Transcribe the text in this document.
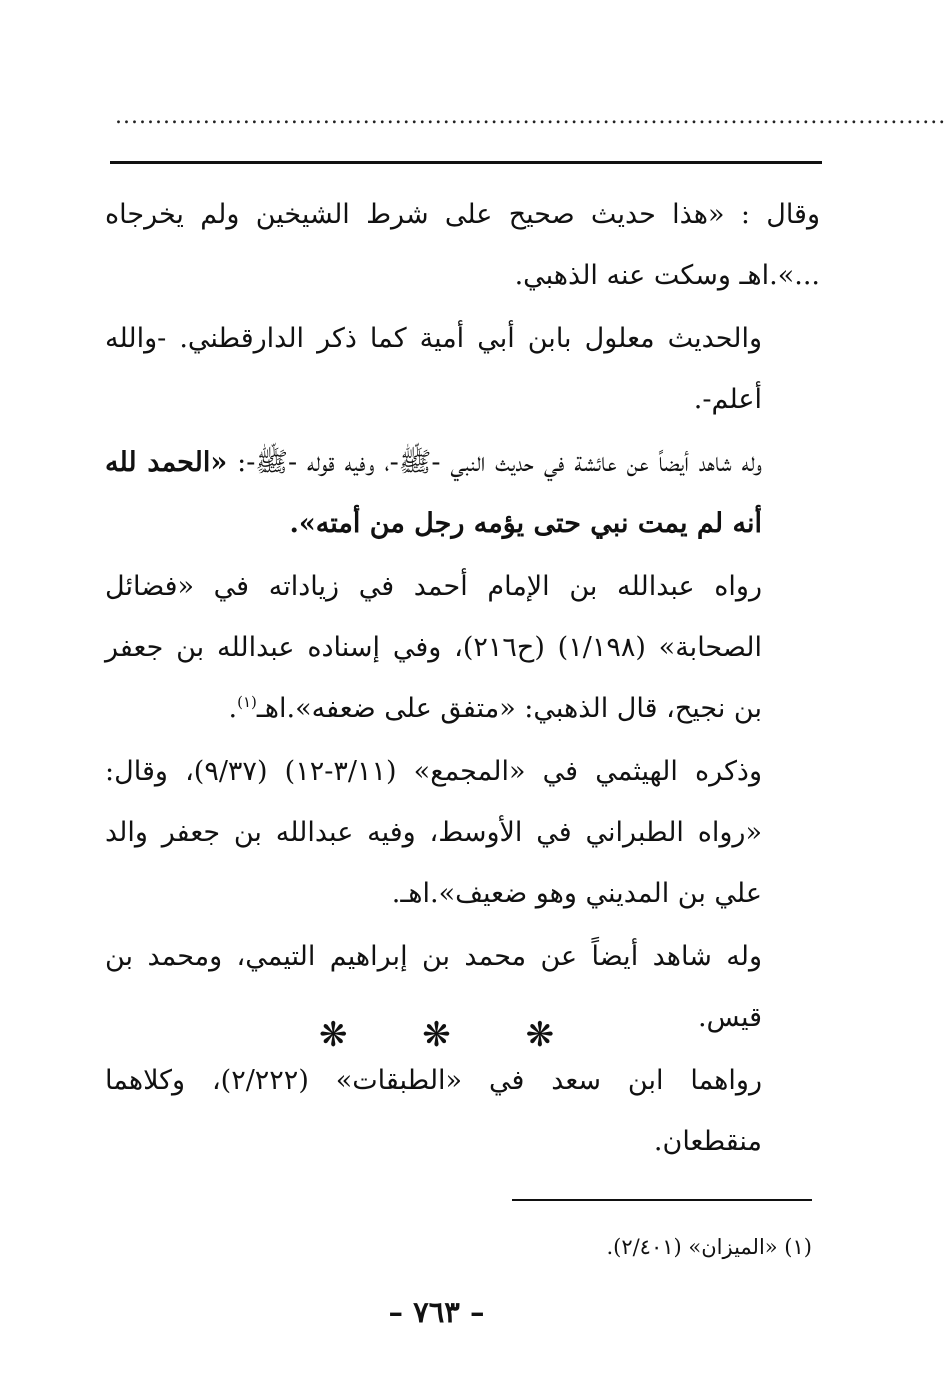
........................................................................................................

وقال : «هذا حديث صحيح على شرط الشيخين ولم يخرجاه ...».اهـ وسكت عنه الذهبي.

والحديث معلول بابن أبي أمية كما ذكر الدارقطني. -والله أعلم-.

وله شاهد أيضاً عن عائشة في حديث النبي -ﷺ-، وفيه قوله -ﷺ-: «الحمد لله أنه لم يمت نبي حتى يؤمه رجل من أمته».

رواه عبدالله بن الإمام أحمد في زياداته في «فضائل الصحابة» (١/١٩٨) (ح٢١٦)، وفي إسناده عبدالله بن جعفر بن نجيح، قال الذهبي: «متفق على ضعفه».اهـ$^{(١)}$.

وذكره الهيثمي في «المجمع» (٣/١١-١٢) (٩/٣٧)، وقال: «رواه الطبراني في الأوسط، وفيه عبدالله بن جعفر والد علي بن المديني وهو ضعيف».اهـ.

وله شاهد أيضاً عن محمد بن إبراهيم التيمي، ومحمد بن قيس.

رواهما ابن سعد في «الطبقات» (٢/٢٢٢)، وكلاهما منقطعان.

❋ ❋ ❋
(١) «الميزان» (٢/٤٠١).
– ٧٦٣ –
